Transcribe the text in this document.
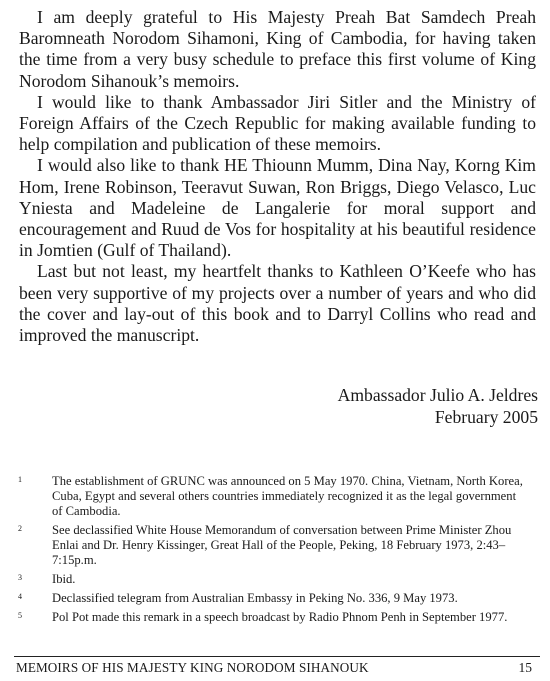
I am deeply grateful to His Majesty Preah Bat Samdech Preah Baromneath Norodom Sihamoni, King of Cambodia, for having taken the time from a very busy schedule to preface this first volume of King Norodom Sihanouk’s memoirs.

I would like to thank Ambassador Jiri Sitler and the Ministry of Foreign Affairs of the Czech Republic for making available funding to help compilation and publication of these memoirs.

I would also like to thank HE Thiounn Mumm, Dina Nay, Korng Kim Hom, Irene Robinson, Teeravut Suwan, Ron Briggs, Diego Velasco, Luc Yniesta and Madeleine de Langalerie for moral support and encouragement and Ruud de Vos for hospitality at his beautiful residence in Jomtien (Gulf of Thailand).

Last but not least, my heartfelt thanks to Kathleen O’Keefe who has been very supportive of my projects over a number of years and who did the cover and lay-out of this book and to Darryl Collins who read and improved the manuscript.

Ambassador Julio A. Jeldres
February 2005
1	The establishment of GRUNC was announced on 5 May 1970. China, Vietnam, North Korea, Cuba, Egypt and several others countries immediately recognized it as the legal government of Cambodia.
2	See declassified White House Memorandum of conversation between Prime Minister Zhou Enlai and Dr. Henry Kissinger, Great Hall of the People, Peking, 18 February 1973, 2:43– 7:15p.m.
3	Ibid.
4	Declassified telegram from Australian Embassy in Peking No. 336, 9 May 1973.
5	Pol Pot made this remark in a speech broadcast by Radio Phnom Penh in September 1977.
MEMOIRS OF HIS MAJESTY KING NORODOM SIHANOUK	15
